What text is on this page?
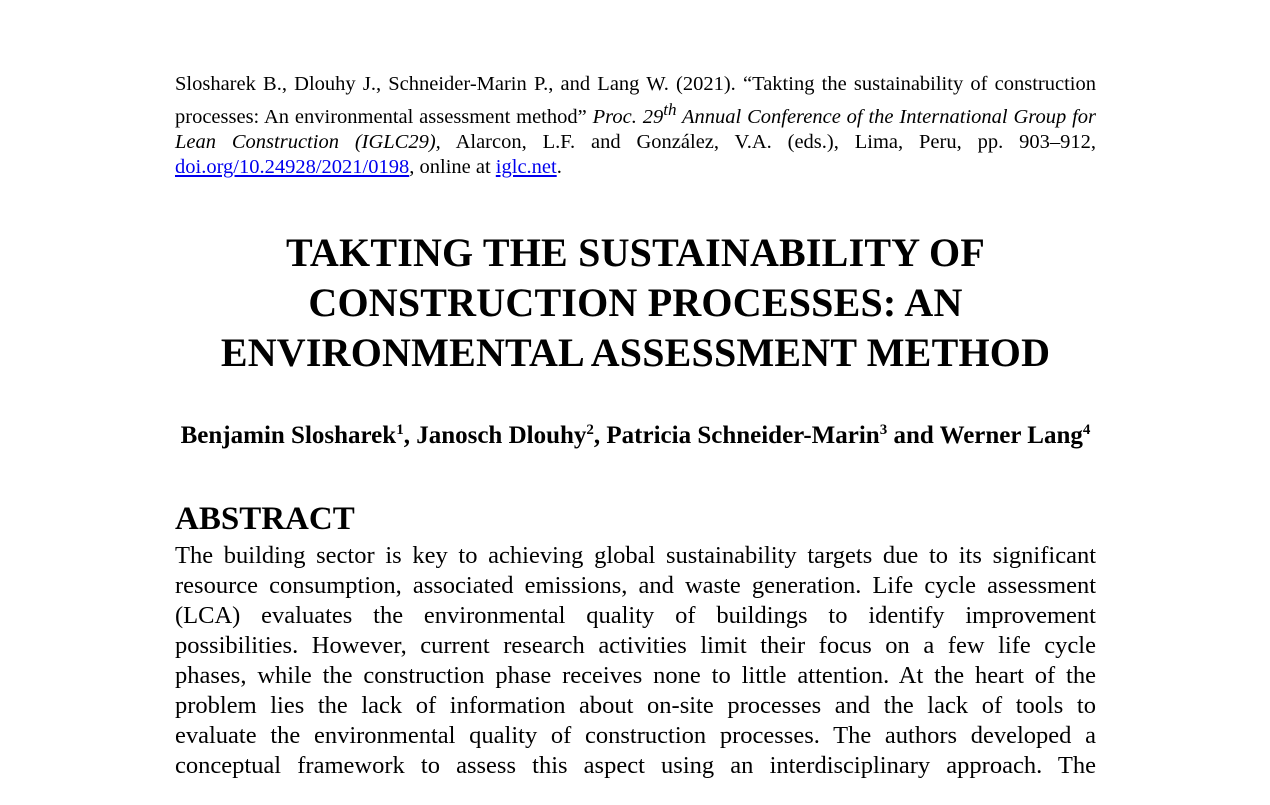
Slosharek B., Dlouhy J., Schneider-Marin P., and Lang W. (2021). “Takting the sustainability of construction processes: An environmental assessment method” Proc. 29th Annual Conference of the International Group for Lean Construction (IGLC29), Alarcon, L.F. and González, V.A. (eds.), Lima, Peru, pp. 903–912, doi.org/10.24928/2021/0198, online at iglc.net.
TAKTING THE SUSTAINABILITY OF
CONSTRUCTION PROCESSES: AN
ENVIRONMENTAL ASSESSMENT METHOD
Benjamin Slosharek$^1$, Janosch Dlouhy$^2$, Patricia Schneider-Marin$^3$ and Werner Lang$^4$
ABSTRACT
The building sector is key to achieving global sustainability targets due to its significant
resource consumption, associated emissions, and waste generation. Life cycle assessment
(LCA) evaluates the environmental quality of buildings to identify improvement
possibilities. However, current research activities limit their focus on a few life cycle
phases, while the construction phase receives none to little attention. At the heart of the
problem lies the lack of information about on-site processes and the lack of tools to
evaluate the environmental quality of construction processes. The authors developed a
conceptual framework to assess this aspect using an interdisciplinary approach. The
